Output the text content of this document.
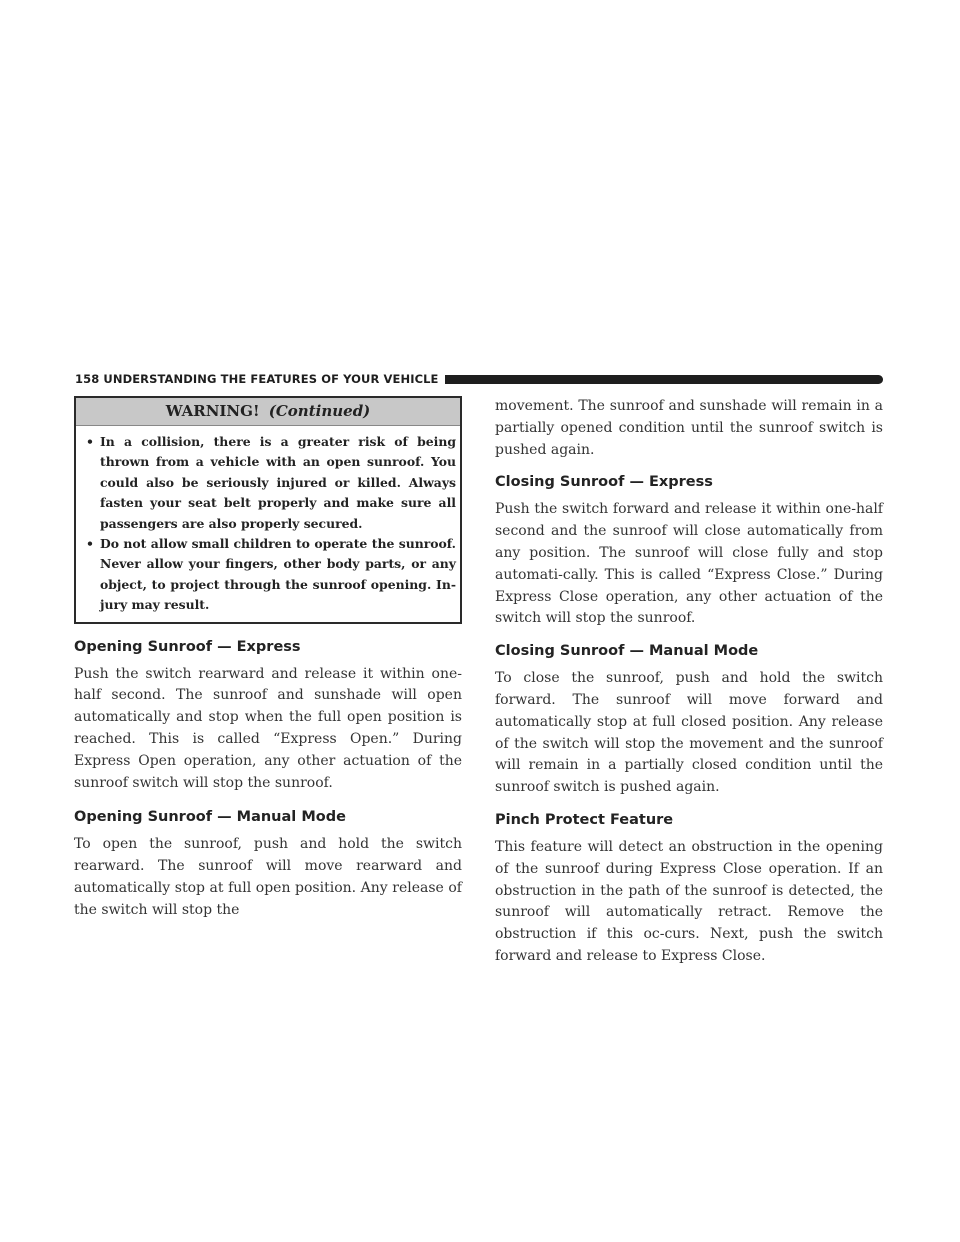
158 UNDERSTANDING THE FEATURES OF YOUR VEHICLE
WARNING! (Continued)
• In a collision, there is a greater risk of being thrown from a vehicle with an open sunroof. You could also be seriously injured or killed. Always fasten your seat belt properly and make sure all passengers are also properly secured.
• Do not allow small children to operate the sunroof. Never allow your fingers, other body parts, or any object, to project through the sunroof opening. In-jury may result.
Opening Sunroof — Express

Push the switch rearward and release it within one-half second. The sunroof and sunshade will open automatically and stop when the full open position is reached. This is called “Express Open.” During Express Open operation, any other actuation of the sunroof switch will stop the sunroof.

Opening Sunroof — Manual Mode

To open the sunroof, push and hold the switch rearward. The sunroof will move rearward and automatically stop at full open position. Any release of the switch will stop the

movement. The sunroof and sunshade will remain in a partially opened condition until the sunroof switch is pushed again.

Closing Sunroof — Express

Push the switch forward and release it within one-half second and the sunroof will close automatically from any position. The sunroof will close fully and stop automati-cally. This is called “Express Close.” During Express Close operation, any other actuation of the switch will stop the sunroof.

Closing Sunroof — Manual Mode

To close the sunroof, push and hold the switch forward. The sunroof will move forward and automatically stop at full closed position. Any release of the switch will stop the movement and the sunroof will remain in a partially closed condition until the sunroof switch is pushed again.

Pinch Protect Feature

This feature will detect an obstruction in the opening of the sunroof during Express Close operation. If an obstruction in the path of the sunroof is detected, the sunroof will automatically retract. Remove the obstruction if this oc-curs. Next, push the switch forward and release to Express Close.
